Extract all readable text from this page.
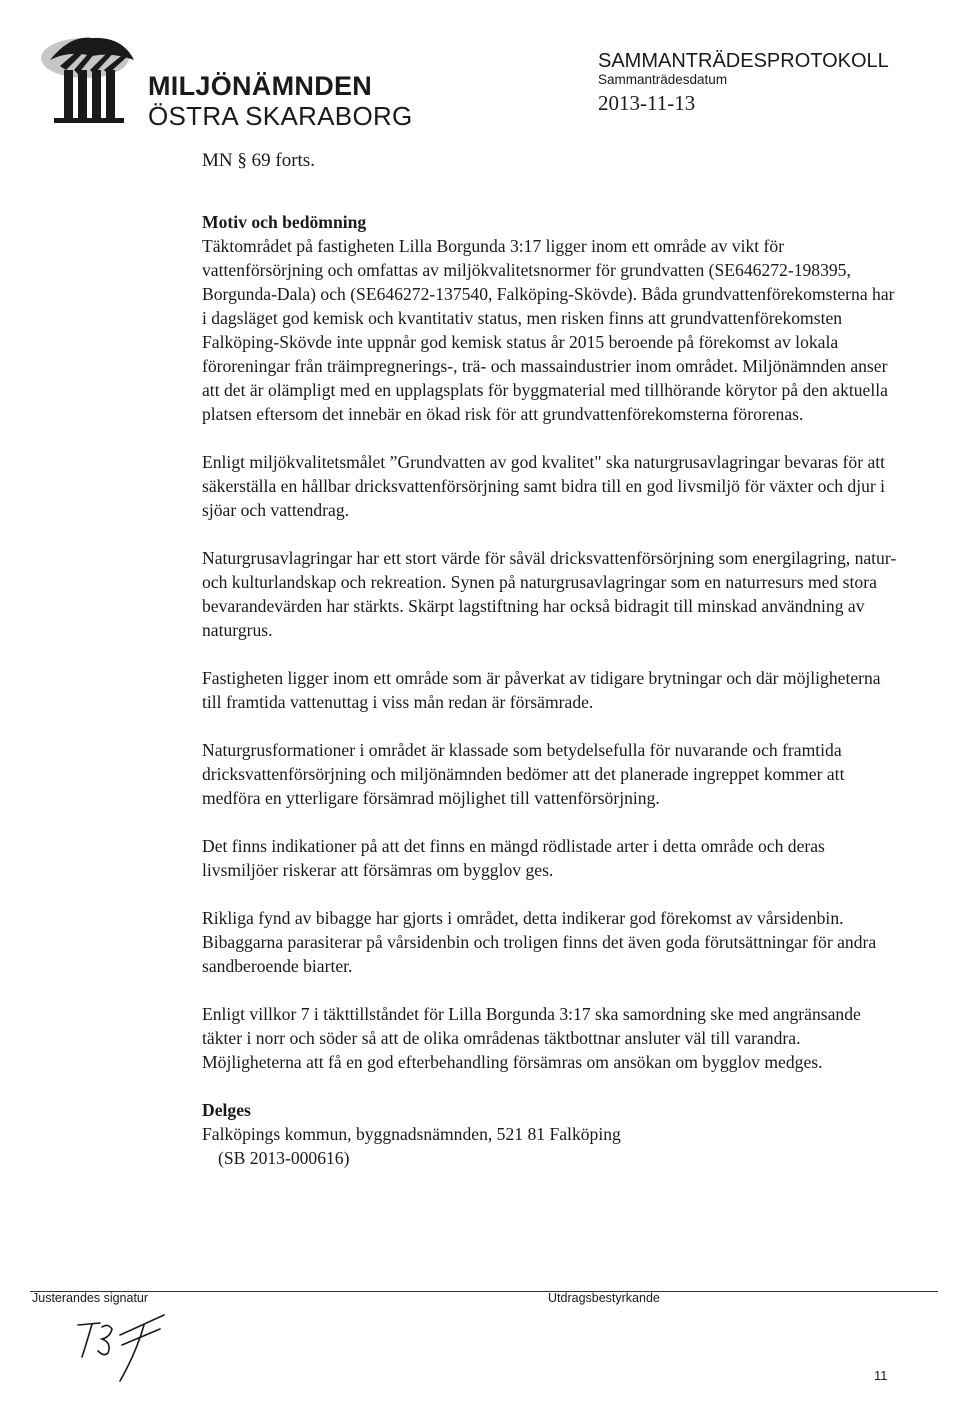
MILJÖNÄMNDEN
ÖSTRA SKARABORG
SAMMANTRÄDESPROTOKOLL
Sammanträdesdatum
2013-11-13
MN § 69 forts.
Motiv och bedömning

Täktområdet på fastigheten Lilla Borgunda 3:17 ligger inom ett område av vikt för vattenförsörjning och omfattas av miljökvalitetsnormer för grundvatten (SE646272-198395, Borgunda-Dala) och (SE646272-137540, Falköping-Skövde). Båda grundvattenförekomsterna har i dagsläget god kemisk och kvantitativ status, men risken finns att grundvattenförekomsten Falköping-Skövde inte uppnår god kemisk status år 2015 beroende på förekomst av lokala föroreningar från träimpregnerings-, trä- och massaindustrier inom området. Miljönämnden anser att det är olämpligt med en upplagsplats för byggmaterial med tillhörande körytor på den aktuella platsen eftersom det innebär en ökad risk för att grundvattenförekomsterna förorenas.

Enligt miljökvalitetsmålet ”Grundvatten av god kvalitet" ska naturgrusavlagringar bevaras för att säkerställa en hållbar dricksvattenförsörjning samt bidra till en god livsmiljö för växter och djur i sjöar och vattendrag.

Naturgrusavlagringar har ett stort värde för såväl dricksvattenförsörjning som energilagring, natur- och kulturlandskap och rekreation. Synen på naturgrusavlagringar som en naturresurs med stora bevarandevärden har stärkts. Skärpt lagstiftning har också bidragit till minskad användning av naturgrus.

Fastigheten ligger inom ett område som är påverkat av tidigare brytningar och där möjligheterna till framtida vattenuttag i viss mån redan är försämrade.

Naturgrusformationer i området är klassade som betydelsefulla för nuvarande och framtida dricksvattenförsörjning och miljönämnden bedömer att det planerade ingreppet kommer att medföra en ytterligare försämrad möjlighet till vattenförsörjning.

Det finns indikationer på att det finns en mängd rödlistade arter i detta område och deras livsmiljöer riskerar att försämras om bygglov ges.

Rikliga fynd av bibagge har gjorts i området, detta indikerar god förekomst av vårsidenbin. Bibaggarna parasiterar på vårsidenbin och troligen finns det även goda förutsättningar för andra sandberoende biarter.

Enligt villkor 7 i täkttillståndet för Lilla Borgunda 3:17 ska samordning ske med angränsande täkter i norr och söder så att de olika områdenas täktbottnar ansluter väl till varandra. Möjligheterna att få en god efterbehandling försämras om ansökan om bygglov medges.

Delges

Falköpings kommun, byggnadsnämnden, 521 81 Falköping

(SB 2013-000616)

Justerandes signatur	Utdragsbestyrkande
11
